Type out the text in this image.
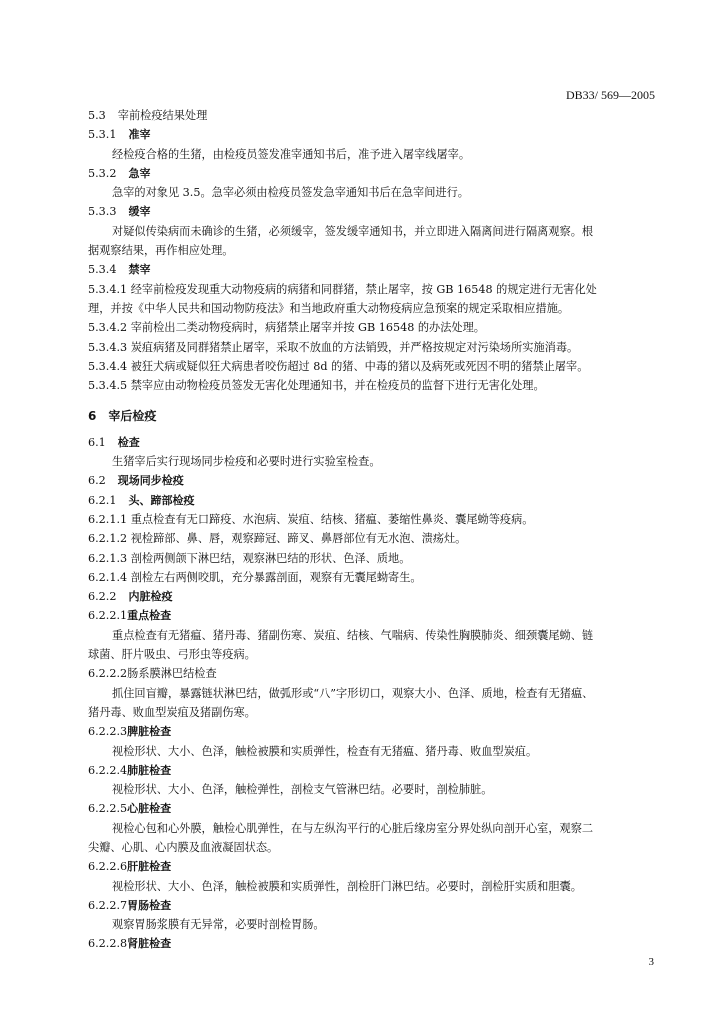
DB33/ 569—2005
5.3 宰前检疫结果处理
5.3.1 准宰
经检疫合格的生猪，由检疫员签发准宰通知书后，准予进入屠宰线屠宰。
5.3.2 急宰
急宰的对象见 3.5。急宰必须由检疫员签发急宰通知书后在急宰间进行。
5.3.3 缓宰
对疑似传染病而未确诊的生猪，必须缓宰，签发缓宰通知书，并立即进入隔离间进行隔离观察。根
据观察结果，再作相应处理。
5.3.4 禁宰
5.3.4.1 经宰前检疫发现重大动物疫病的病猪和同群猪，禁止屠宰，按 GB 16548 的规定进行无害化处
理，并按《中华人民共和国动物防疫法》和当地政府重大动物疫病应急预案的规定采取相应措施。
5.3.4.2 宰前检出二类动物疫病时，病猪禁止屠宰并按 GB 16548 的办法处理。
5.3.4.3 炭疽病猪及同群猪禁止屠宰，采取不放血的方法销毁，并严格按规定对污染场所实施消毒。
5.3.4.4 被狂犬病或疑似狂犬病患者咬伤超过 8d 的猪、中毒的猪以及病死或死因不明的猪禁止屠宰。
5.3.4.5 禁宰应由动物检疫员签发无害化处理通知书，并在检疫员的监督下进行无害化处理。
6 宰后检疫
6.1 检查
生猪宰后实行现场同步检疫和必要时进行实验室检查。
6.2 现场同步检疫
6.2.1 头、蹄部检疫
6.2.1.1 重点检查有无口蹄疫、水泡病、炭疽、结核、猪瘟、萎缩性鼻炎、囊尾蚴等疫病。
6.2.1.2 视检蹄部、鼻、唇，观察蹄冠、蹄叉、鼻唇部位有无水泡、溃疡灶。
6.2.1.3 剖检两侧颌下淋巴结，观察淋巴结的形状、色泽、质地。
6.2.1.4 剖检左右两侧咬肌，充分暴露剖面，观察有无囊尾蚴寄生。
6.2.2 内脏检疫
6.2.2.1重点检查
重点检查有无猪瘟、猪丹毒、猪副伤寒、炭疽、结核、气喘病、传染性胸膜肺炎、细颈囊尾蚴、链
球菌、肝片吸虫、弓形虫等疫病。
6.2.2.2肠系膜淋巴结检查
抓住回盲瓣，暴露链状淋巴结，做弧形或“八”字形切口，观察大小、色泽、质地，检查有无猪瘟、
猪丹毒、败血型炭疽及猪副伤寒。
6.2.2.3脾脏检查
视检形状、大小、色泽，触检被膜和实质弹性，检查有无猪瘟、猪丹毒、败血型炭疽。
6.2.2.4肺脏检查
视检形状、大小、色泽，触检弹性，剖检支气管淋巴结。必要时，剖检肺脏。
6.2.2.5心脏检查
视检心包和心外膜，触检心肌弹性，在与左纵沟平行的心脏后缘房室分界处纵向剖开心室，观察二
尖瓣、心肌、心内膜及血液凝固状态。
6.2.2.6肝脏检查
视检形状、大小、色泽，触检被膜和实质弹性，剖检肝门淋巴结。必要时，剖检肝实质和胆囊。
6.2.2.7胃肠检查
观察胃肠浆膜有无异常，必要时剖检胃肠。
6.2.2.8肾脏检查
3
